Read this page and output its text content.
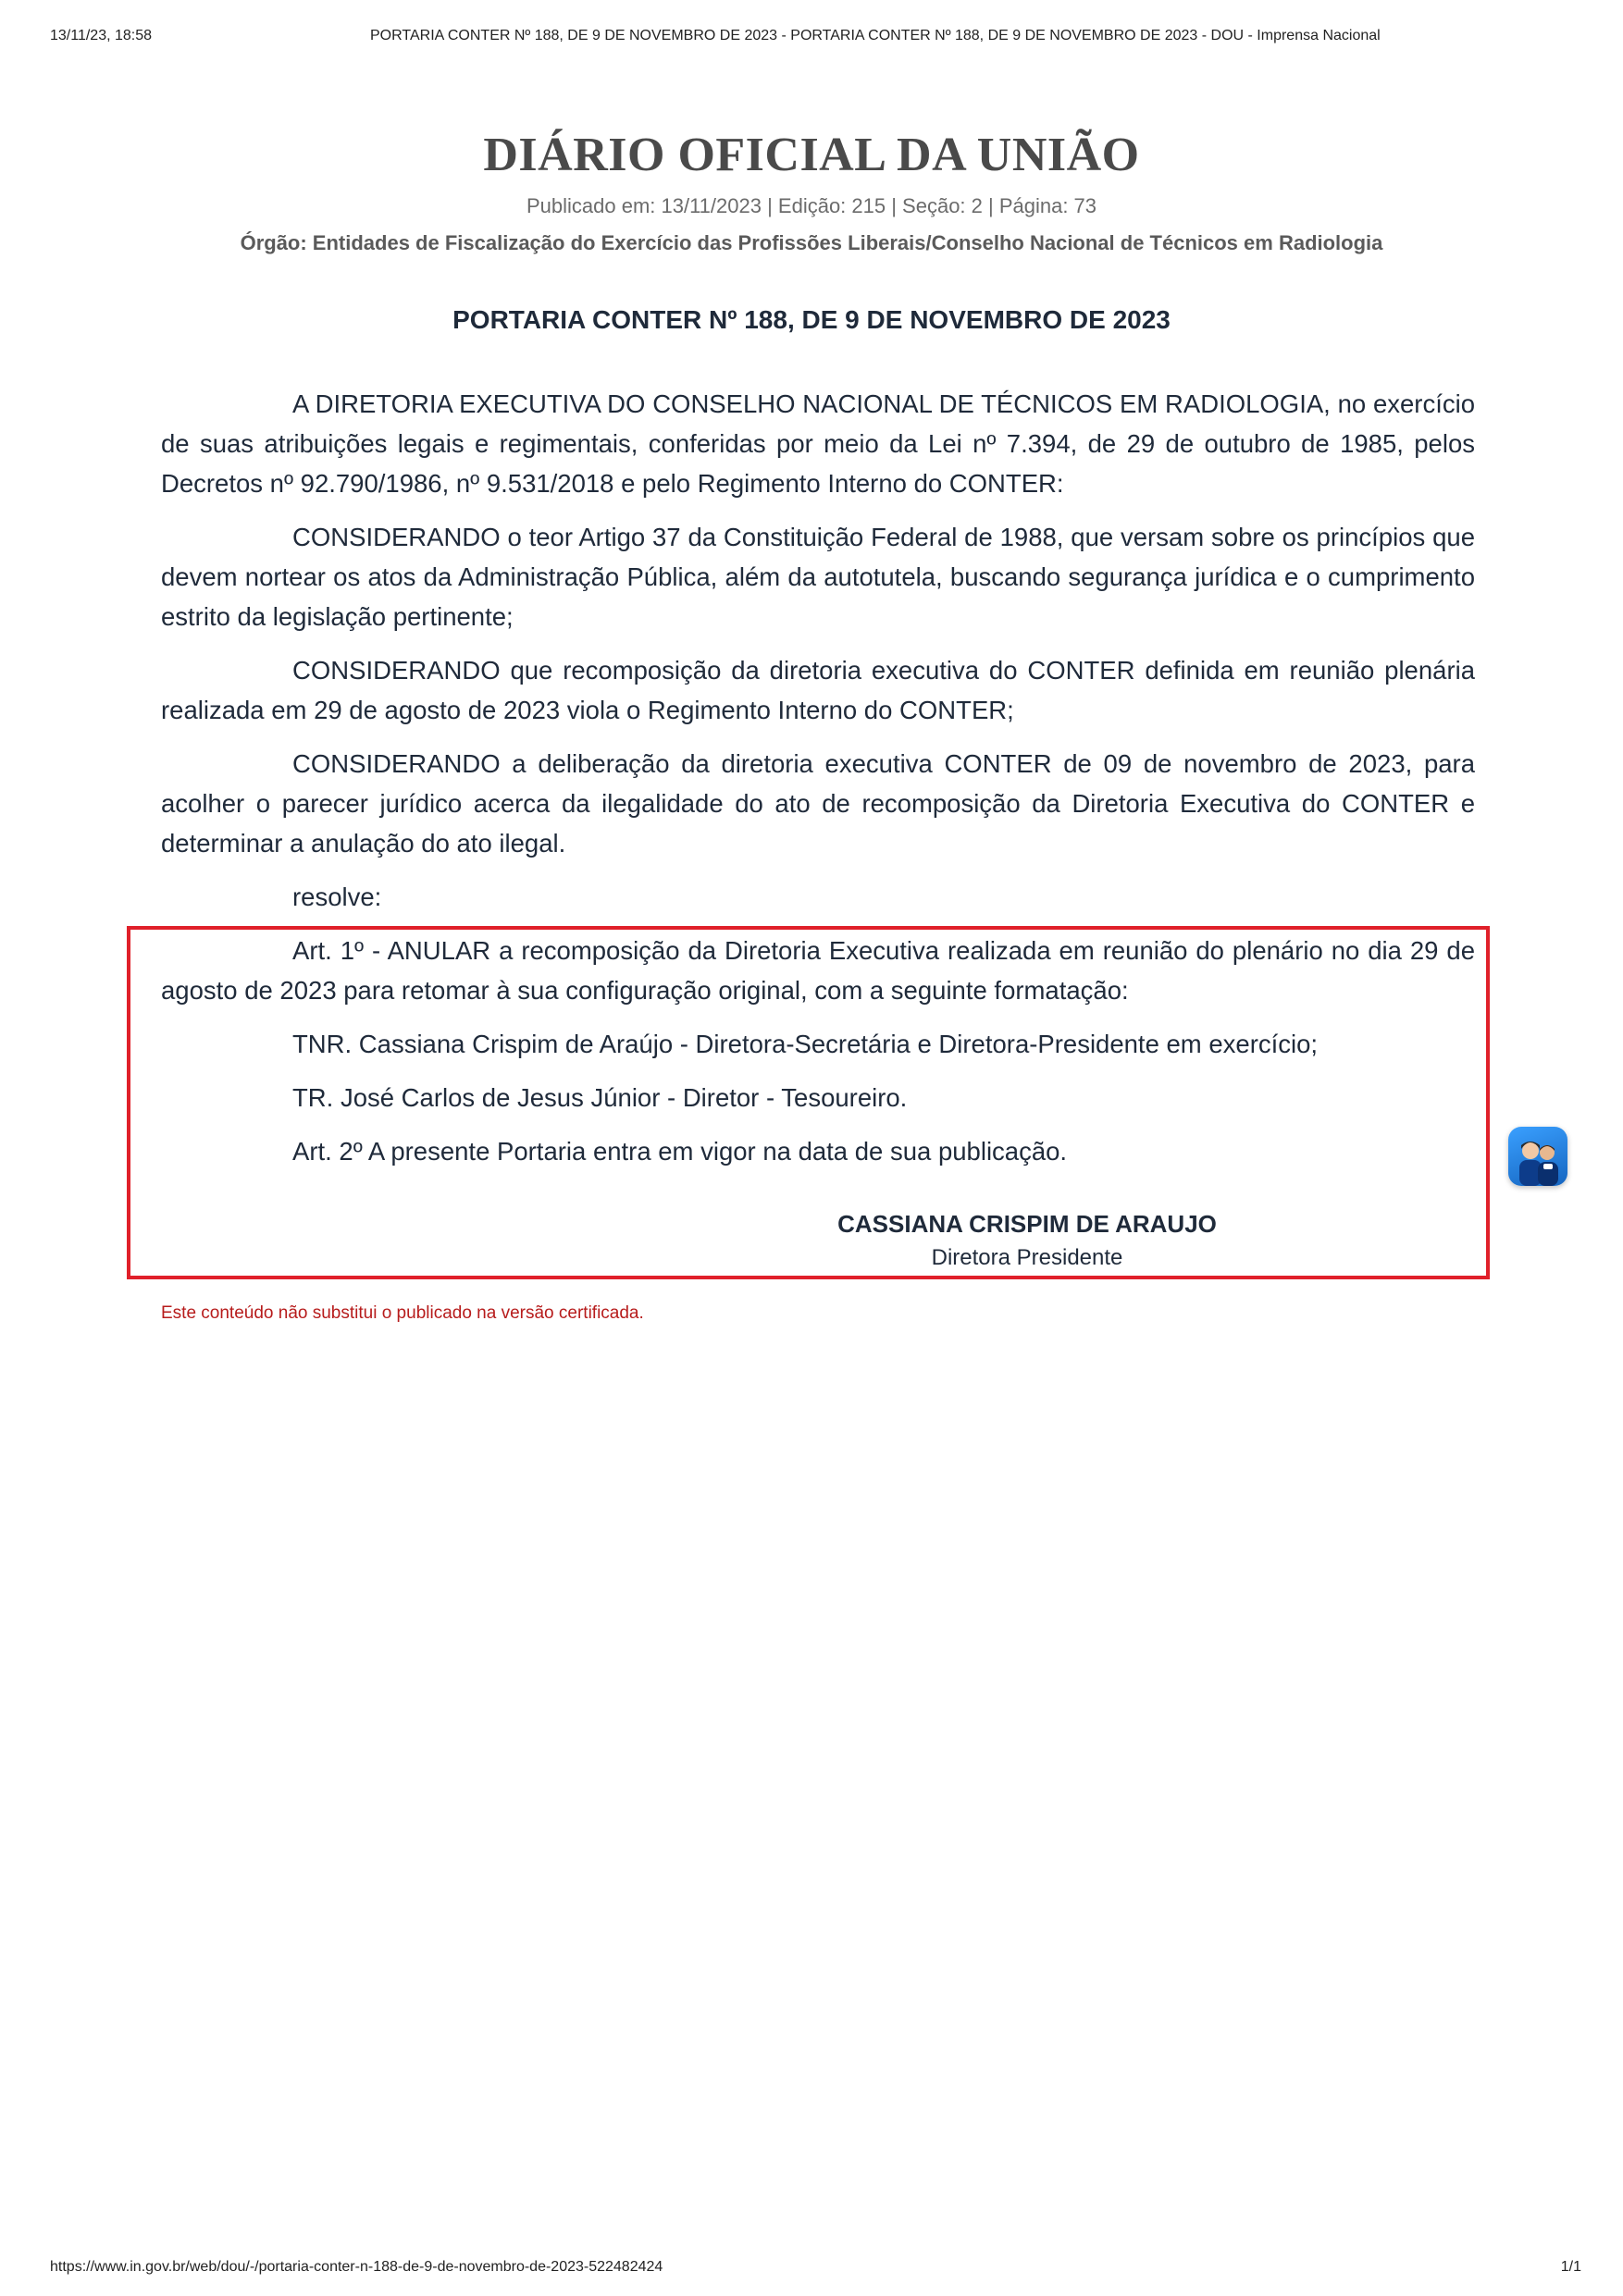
13/11/23, 18:58	PORTARIA CONTER Nº 188, DE 9 DE NOVEMBRO DE 2023 - PORTARIA CONTER Nº 188, DE 9 DE NOVEMBRO DE 2023 - DOU - Imprensa Nacional
DIÁRIO OFICIAL DA UNIÃO
Publicado em: 13/11/2023 | Edição: 215 | Seção: 2 | Página: 73
Órgão: Entidades de Fiscalização do Exercício das Profissões Liberais/Conselho Nacional de Técnicos em Radiologia
PORTARIA CONTER Nº 188, DE 9 DE NOVEMBRO DE 2023

A DIRETORIA EXECUTIVA DO CONSELHO NACIONAL DE TÉCNICOS EM RADIOLOGIA, no exercício de suas atribuições legais e regimentais, conferidas por meio da Lei nº 7.394, de 29 de outubro de 1985, pelos Decretos nº 92.790/1986, nº 9.531/2018 e pelo Regimento Interno do CONTER:

CONSIDERANDO o teor Artigo 37 da Constituição Federal de 1988, que versam sobre os princípios que devem nortear os atos da Administração Pública, além da autotutela, buscando segurança jurídica e o cumprimento estrito da legislação pertinente;

CONSIDERANDO que recomposição da diretoria executiva do CONTER definida em reunião plenária realizada em 29 de agosto de 2023 viola o Regimento Interno do CONTER;

CONSIDERANDO a deliberação da diretoria executiva CONTER de 09 de novembro de 2023, para acolher o parecer jurídico acerca da ilegalidade do ato de recomposição da Diretoria Executiva do CONTER e determinar a anulação do ato ilegal.

resolve:

Art. 1º - ANULAR a recomposição da Diretoria Executiva realizada em reunião do plenário no dia 29 de agosto de 2023 para retomar à sua configuração original, com a seguinte formatação:

TNR. Cassiana Crispim de Araújo - Diretora-Secretária e Diretora-Presidente em exercício;

TR. José Carlos de Jesus Júnior - Diretor - Tesoureiro.

Art. 2º A presente Portaria entra em vigor na data de sua publicação.

CASSIANA CRISPIM DE ARAUJO
Diretora Presidente
Este conteúdo não substitui o publicado na versão certificada.
https://www.in.gov.br/web/dou/-/portaria-conter-n-188-de-9-de-novembro-de-2023-522482424	1/1
